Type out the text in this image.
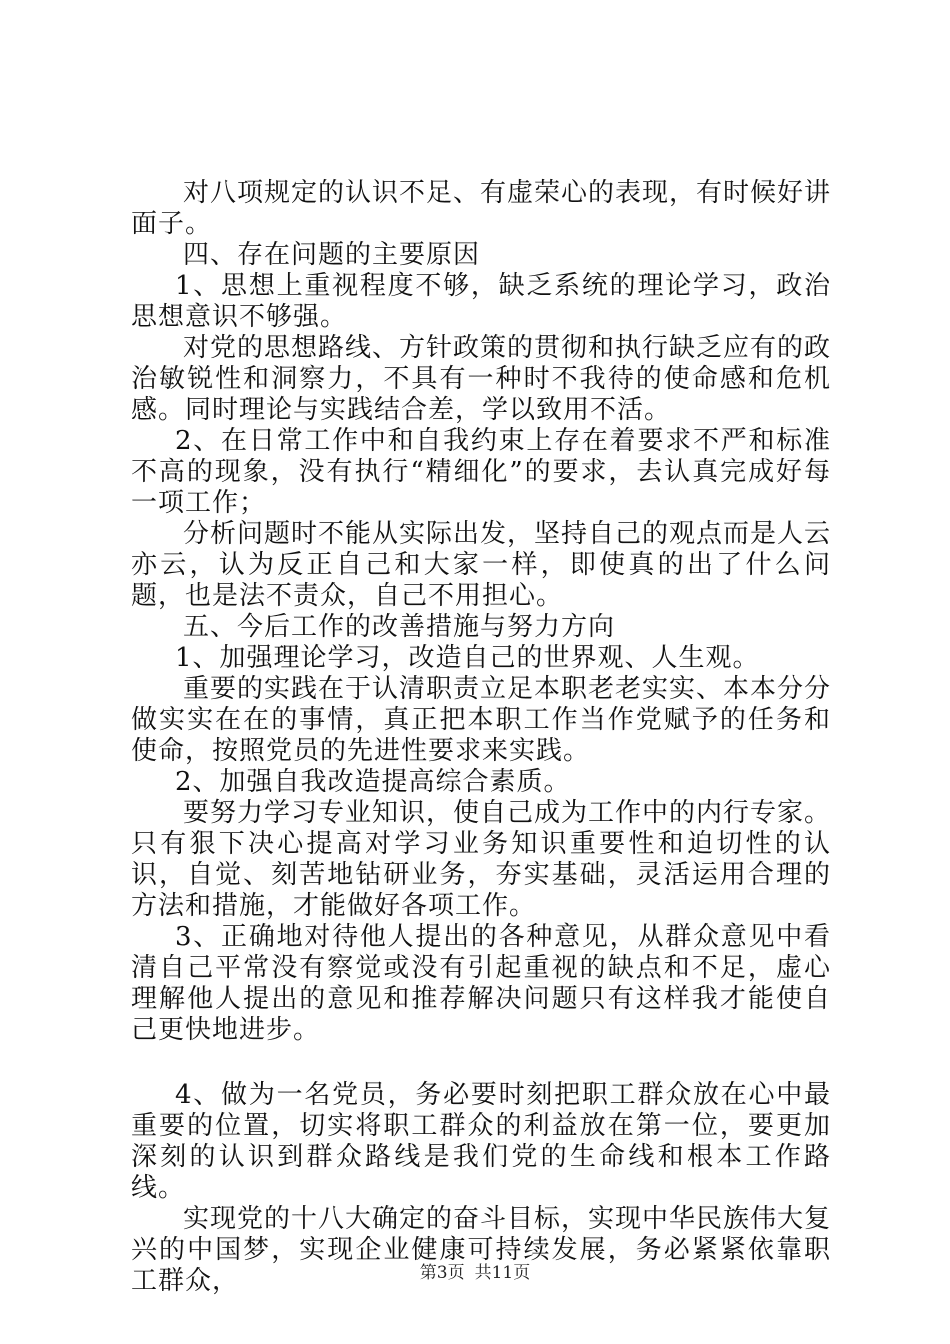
对八项规定的认识不足、有虚荣心的表现，有时候好讲面子。

四、存在问题的主要原因

1、思想上重视程度不够，缺乏系统的理论学习，政治思想意识不够强。

对党的思想路线、方针政策的贯彻和执行缺乏应有的政治敏锐性和洞察力，不具有一种时不我待的使命感和危机感。同时理论与实践结合差，学以致用不活。

2、在日常工作中和自我约束上存在着要求不严和标准不高的现象，没有执行“精细化”的要求，去认真完成好每一项工作；

分析问题时不能从实际出发，坚持自己的观点而是人云亦云，认为反正自己和大家一样，即使真的出了什么问题，也是法不责众，自己不用担心。

五、今后工作的改善措施与努力方向

1、加强理论学习，改造自己的世界观、人生观。

重要的实践在于认清职责立足本职老老实实、本本分分做实实在在的事情，真正把本职工作当作党赋予的任务和使命，按照党员的先进性要求来实践。

2、加强自我改造提高综合素质。

要努力学习专业知识，使自己成为工作中的内行专家。只有狠下决心提高对学习业务知识重要性和迫切性的认识，自觉、刻苦地钻研业务，夯实基础，灵活运用合理的方法和措施，才能做好各项工作。

3、正确地对待他人提出的各种意见，从群众意见中看清自己平常没有察觉或没有引起重视的缺点和不足，虚心理解他人提出的意见和推荐解决问题只有这样我才能使自己更快地进步。

4、做为一名党员，务必要时刻把职工群众放在心中最重要的位置，切实将职工群众的利益放在第一位，要更加深刻的认识到群众路线是我们党的生命线和根本工作路线。

实现党的十八大确定的奋斗目标，实现中华民族伟大复兴的中国梦，实现企业健康可持续发展，务必紧紧依靠职工群众，	第3页 共11页
